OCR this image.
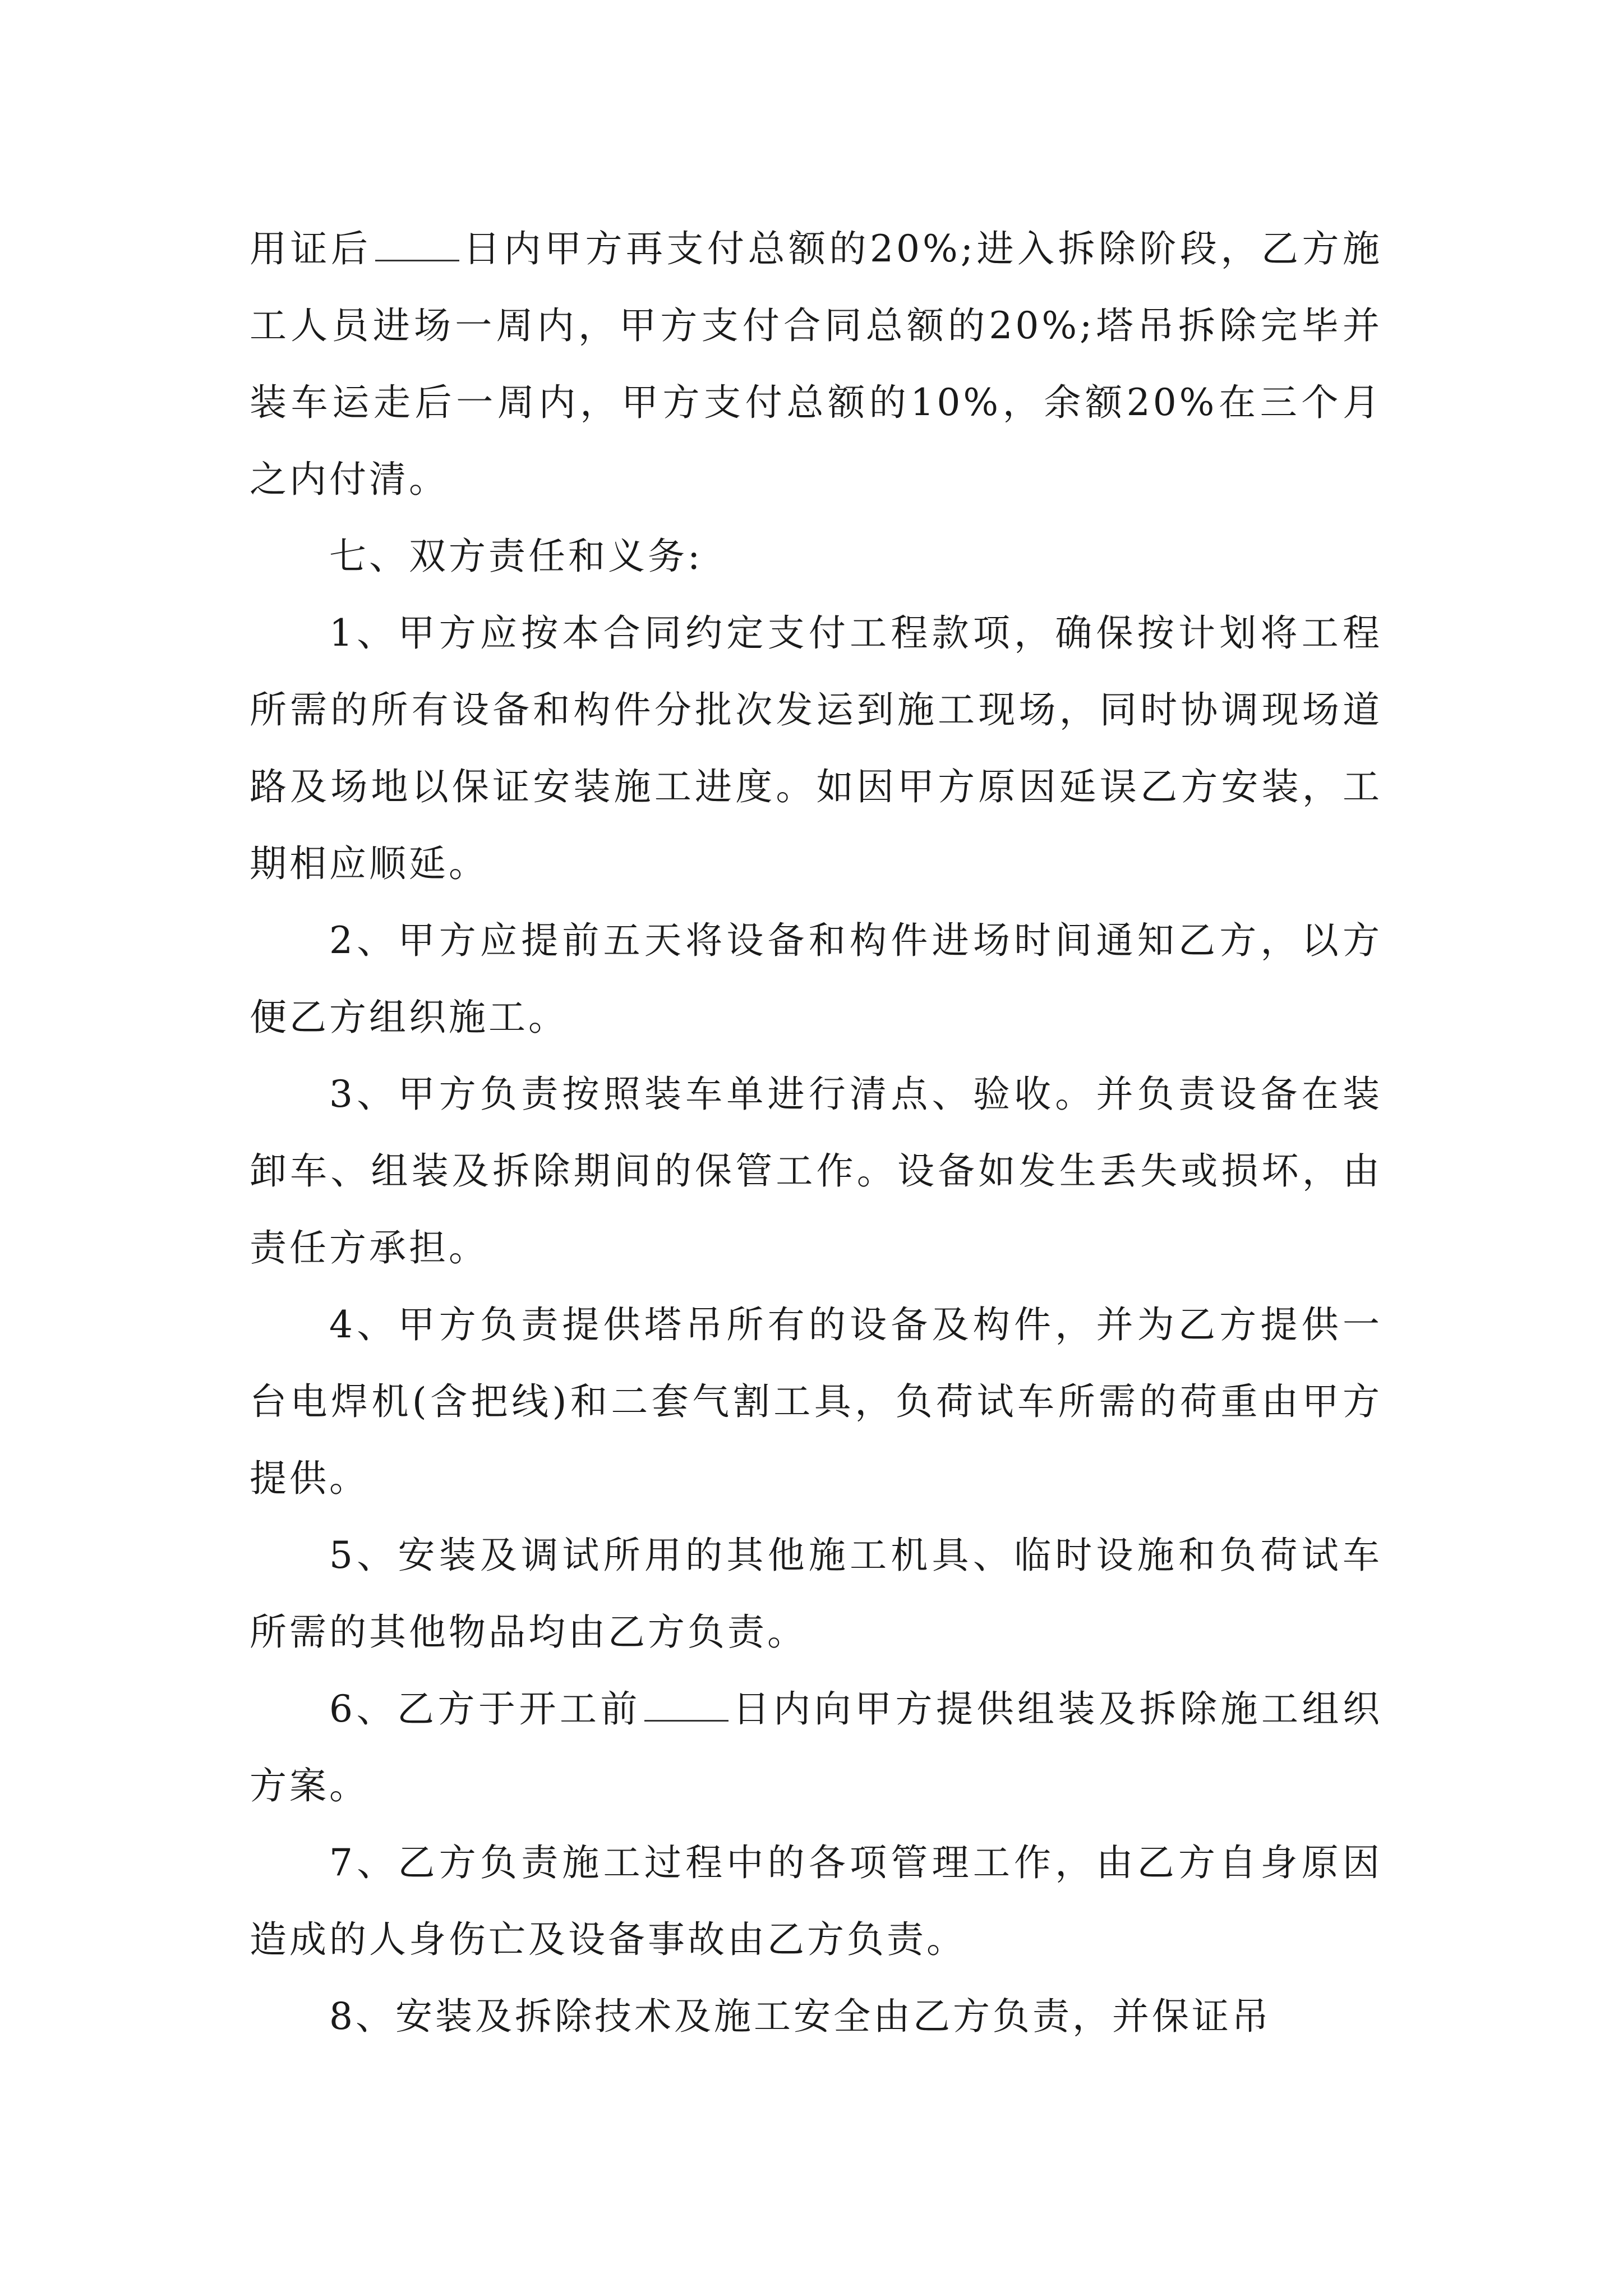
用证后 日内甲方再支付总额的20%;进入拆除阶段，乙方施工人员进场一周内，甲方支付合同总额的20%;塔吊拆除完毕并装车运走后一周内，甲方支付总额的10%，余额20%在三个月之内付清。

七、双方责任和义务:

1、甲方应按本合同约定支付工程款项，确保按计划将工程所需的所有设备和构件分批次发运到施工现场，同时协调现场道路及场地以保证安装施工进度。如因甲方原因延误乙方安装，工期相应顺延。

2、甲方应提前五天将设备和构件进场时间通知乙方，以方便乙方组织施工。

3、甲方负责按照装车单进行清点、验收。并负责设备在装卸车、组装及拆除期间的保管工作。设备如发生丢失或损坏，由责任方承担。

4、甲方负责提供塔吊所有的设备及构件，并为乙方提供一台电焊机(含把线)和二套气割工具，负荷试车所需的荷重由甲方提供。

5、安装及调试所用的其他施工机具、临时设施和负荷试车所需的其他物品均由乙方负责。

6、乙方于开工前 日内向甲方提供组装及拆除施工组织方案。

7、乙方负责施工过程中的各项管理工作，由乙方自身原因造成的人身伤亡及设备事故由乙方负责。

8、安装及拆除技术及施工安全由乙方负责，并保证吊
